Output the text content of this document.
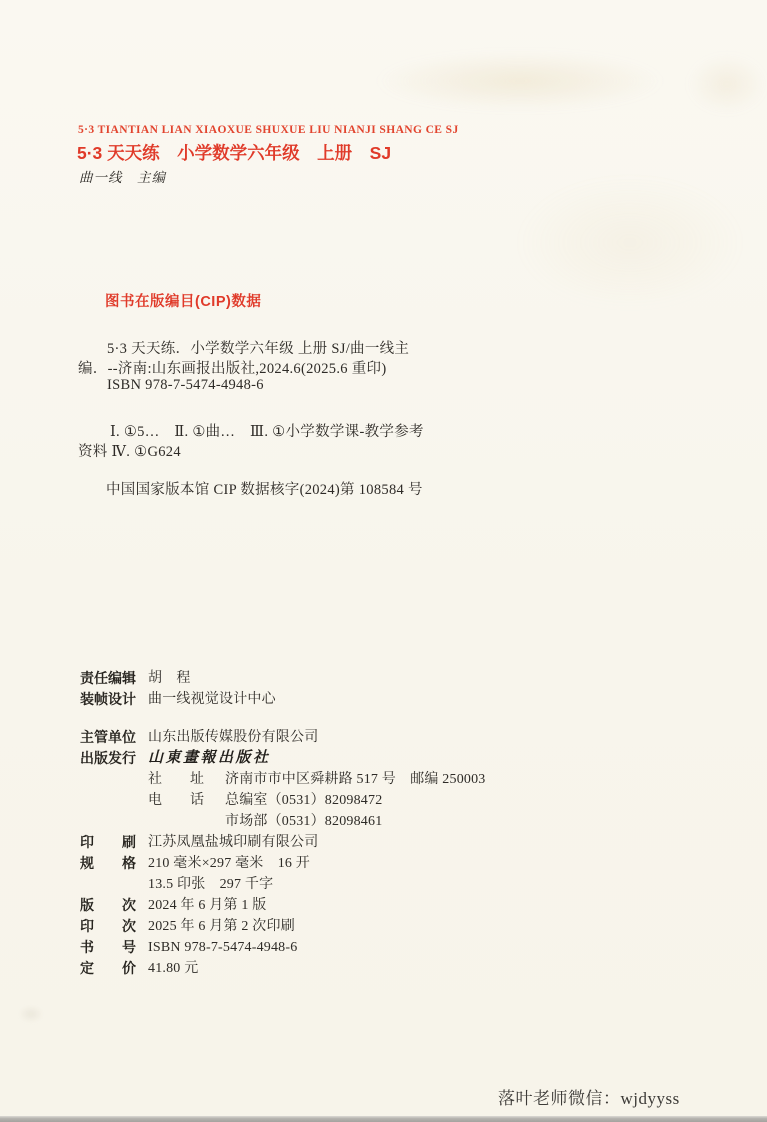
5·3 TIANTIAN LIAN XIAOXUE SHUXUE LIU NIANJI SHANG CE SJ
5·3 天天练　小学数学六年级　上册　SJ
曲一线　主编
图书在版编目(CIP)数据
5·3 天天练．小学数学六年级 上册 SJ/曲一线主
编．--济南:山东画报出版社,2024.6(2025.6 重印)
ISBN 978-7-5474-4948-6
Ⅰ. ①5…　Ⅱ. ①曲…　Ⅲ. ①小学数学课-教学参考
资料 Ⅳ. ①G624
中国国家版本馆 CIP 数据核字(2024)第 108584 号
责任编辑 胡　程
装帧设计 曲一线视觉设计中心
主管单位 山东出版传媒股份有限公司
出版发行 山東畫報出版社
社　　址	济南市市中区舜耕路 517 号　邮编 250003
电　　话	总编室（0531）82098472
市场部（0531）82098461
印　　刷 江苏凤凰盐城印刷有限公司
规　　格 210 毫米×297 毫米　16 开
13.5 印张　297 千字
版　　次 2024 年 6 月第 1 版
印　　次 2025 年 6 月第 2 次印刷
书　　号 ISBN 978-7-5474-4948-6
定　　价 41.80 元
落叶老师微信：wjdyyss
